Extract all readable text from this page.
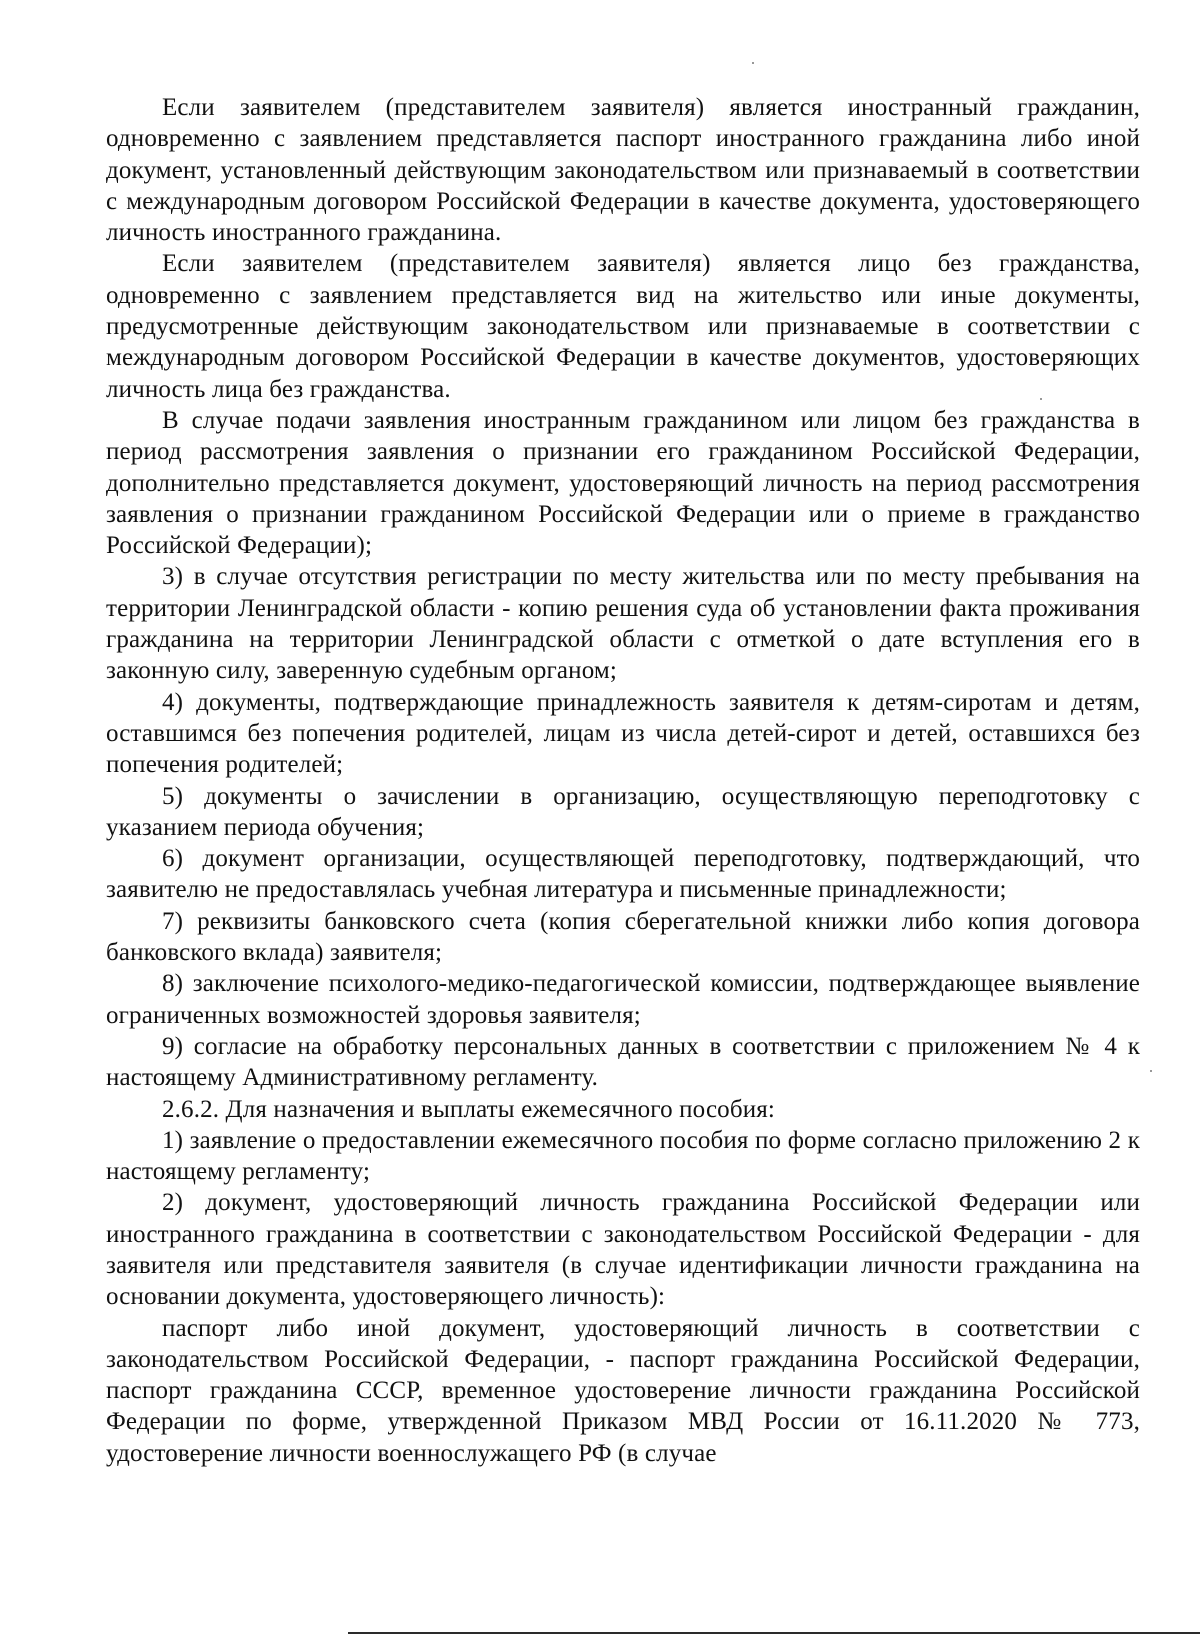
Если заявителем (представителем заявителя) является иностранный гражданин, одновременно с заявлением представляется паспорт иностранного гражданина либо иной документ, установленный действующим законодательством или признаваемый в соответствии с международным договором Российской Федерации в качестве документа, удостоверяющего личность иностранного гражданина.

Если заявителем (представителем заявителя) является лицо без гражданства, одновременно с заявлением представляется вид на жительство или иные документы, предусмотренные действующим законодательством или признаваемые в соответствии с международным договором Российской Федерации в качестве документов, удостоверяющих личность лица без гражданства.

В случае подачи заявления иностранным гражданином или лицом без гражданства в период рассмотрения заявления о признании его гражданином Российской Федерации, дополнительно представляется документ, удостоверяющий личность на период рассмотрения заявления о признании гражданином Российской Федерации или о приеме в гражданство Российской Федерации);

3) в случае отсутствия регистрации по месту жительства или по месту пребывания на территории Ленинградской области - копию решения суда об установлении факта проживания гражданина на территории Ленинградской области с отметкой о дате вступления его в законную силу, заверенную судебным органом;

4) документы, подтверждающие принадлежность заявителя к детям-сиротам и детям, оставшимся без попечения родителей, лицам из числа детей-сирот и детей, оставшихся без попечения родителей;

5) документы о зачислении в организацию, осуществляющую переподготовку с указанием периода обучения;

6) документ организации, осуществляющей переподготовку, подтверждающий, что заявителю не предоставлялась учебная литература и письменные принадлежности;

7) реквизиты банковского счета (копия сберегательной книжки либо копия договора банковского вклада) заявителя;

8) заключение психолого-медико-педагогической комиссии, подтверждающее выявление ограниченных возможностей здоровья заявителя;

9) согласие на обработку персональных данных в соответствии с приложением № 4 к настоящему Административному регламенту.

2.6.2. Для назначения и выплаты ежемесячного пособия:

1) заявление о предоставлении ежемесячного пособия по форме согласно приложению 2 к настоящему регламенту;

2) документ, удостоверяющий личность гражданина Российской Федерации или иностранного гражданина в соответствии с законодательством Российской Федерации - для заявителя или представителя заявителя (в случае идентификации личности гражданина на основании документа, удостоверяющего личность):

паспорт либо иной документ, удостоверяющий личность в соответствии с законодательством Российской Федерации, - паспорт гражданина Российской Федерации, паспорт гражданина СССР, временное удостоверение личности гражданина Российской Федерации по форме, утвержденной Приказом МВД России от 16.11.2020 № 773, удостоверение личности военнослужащего РФ (в случае
